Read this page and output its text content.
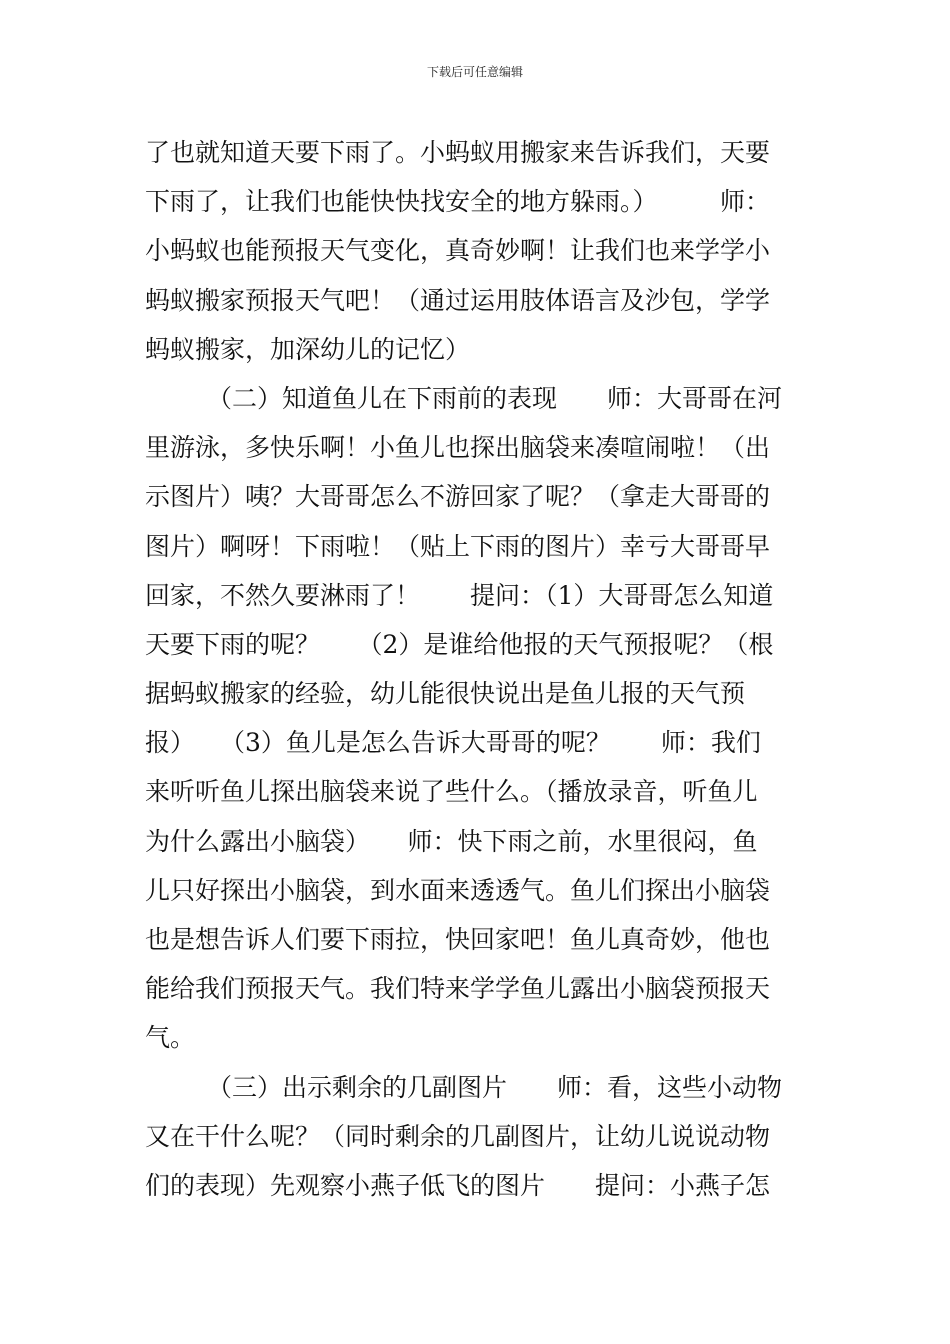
下载后可任意编辑
了也就知道天要下雨了。小蚂蚁用搬家来告诉我们，天要
下雨了，让我们也能快快找安全的地方躲雨。）　　　师：
小蚂蚁也能预报天气变化，真奇妙啊！让我们也来学学小
蚂蚁搬家预报天气吧！（通过运用肢体语言及沙包，学学
蚂蚁搬家，加深幼儿的记忆）
（二）知道鱼儿在下雨前的表现　　师：大哥哥在河
里游泳，多快乐啊！小鱼儿也探出脑袋来凑喧闹啦！（出
示图片）咦？大哥哥怎么不游回家了呢？（拿走大哥哥的
图片）啊呀！下雨啦！（贴上下雨的图片）幸亏大哥哥早
回家，不然久要淋雨了！　　提问：（1）大哥哥怎么知道
天要下雨的呢？　　（2）是谁给他报的天气预报呢？（根
据蚂蚁搬家的经验，幼儿能很快说出是鱼儿报的天气预
报）　　（3）鱼儿是怎么告诉大哥哥的呢？　　师：我们
来听听鱼儿探出脑袋来说了些什么。（播放录音，听鱼儿
为什么露出小脑袋）　　师：快下雨之前，水里很闷，鱼
儿只好探出小脑袋，到水面来透透气。鱼儿们探出小脑袋
也是想告诉人们要下雨拉，快回家吧！鱼儿真奇妙，他也
能给我们预报天气。我们特来学学鱼儿露出小脑袋预报天
气。
（三）出示剩余的几副图片　　师：看，这些小动物
又在干什么呢？（同时剩余的几副图片，让幼儿说说动物
们的表现）先观察小燕子低飞的图片　　提问：小燕子怎
